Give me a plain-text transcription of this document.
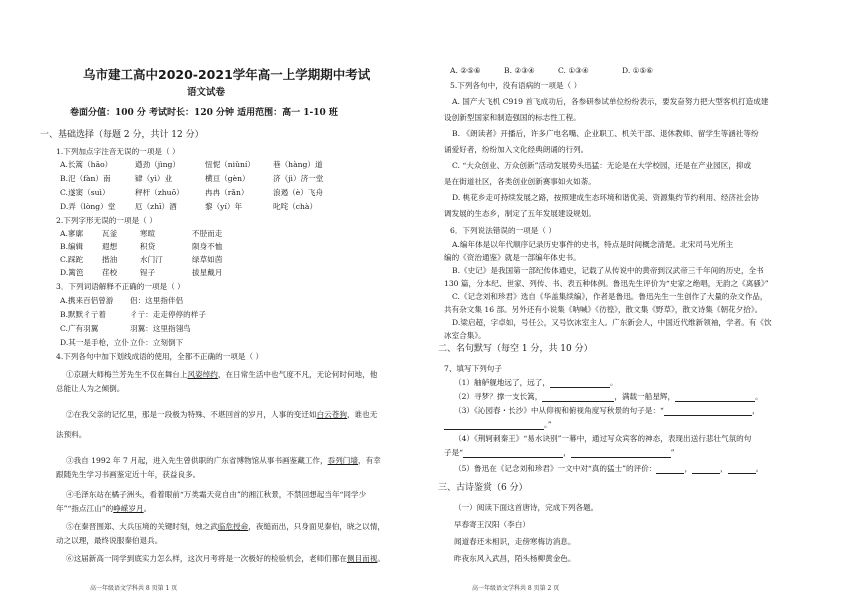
乌市建工高中2020-2021学年高一上学期期中考试
语文试卷
卷面分值：100 分 考试时长：120 分钟 适用范围：高一 1-10 班
一、基础选择（每题 2 分，共计 12 分）
1.下列加点字注音无误的一项是（ ）
A.长篙（hāo）	遒劲（jìng）	忸怩（niǔní） 巷（hàng）道
B.氾（fàn）南	肄（yì）业	横亘（gèn）	济（jì）济一堂
C.遂窦（suì）	秤杆（zhuō）	冉冉（rǎn）	浪遏（è）飞舟
D.弄（lòng）堂	厄（zhī）酒	黎（yí）年	叱咤（chà）
2.下列字形无误的一项是（ ）
A.寥廓 瓦釜	寒暄	不胫而走
B.编辑 遐想	积贷	陨身不恤
C.踩跎 揩油	水门汀	绿草如茵
D.篱笆 荏校	锃子	拔星戴月
3．下列词语解释不正确的一项是（ ）
A.携来百侣曾游 侣：这里指伴侣
B.默默彳亍着	彳亍：走走停停的样子
C.广有羽翼	羽翼：这里指翎鸟
D.其一是手枪，立仆立仆：立刻倒下
4.下列各句中加下划线成语的使用，全都不正确的一项是（ ）
①京剧大师梅兰芳先生不仅在舞台上风姿绰约，在日常生活中也气度不凡，无论何时何地，他
总能让人为之倾倒。
②在我父亲的记忆里，那是一段极为特殊、不堪回首的岁月，人事的变迁如白云苍狗，谁也无
法预料。
③我自 1992 年 7 月起，进入先生曾供职的广东省博物馆从事书画鉴藏工作，忝列门墙，有幸
跟随先生学习书画鉴定近十年，获益良多。
④毛泽东站在橘子洲头，看着眼前“万类霜天竞自由”的湘江秋景，不禁回想起当年“同学少
年”“指点江山”的峥嵘岁月。
⑤在秦晋围郑、大兵压境的关键时刻，烛之武临危授命，夜缒而出，只身面见秦伯，晓之以情，
动之以理，最终说服秦伯退兵。
⑥这届新高一同学到底实力怎么样，这次月考将是一次极好的检验机会，老师们都在侧目而视。
高一年级语文学科共 8 页第 1 页
A. ②⑤⑥	B. ②③④	C. ①③④	D. ①⑤⑥
5.下列各句中，没有语病的一项是（ ）
A. 国产大飞机 C919 首飞成功后，各参研参试单位纷纷表示，要发奋努力把大型客机打造成建
设创新型国家和制造强国的标志性工程。
B. 《朗读者》开播后，许多广电名嘴、企业职工、机关干部、退休教师、留学生等涵社等纷
诵爱好者，纷纷加入文化经典朗诵的行列。
C. “大众创业、万众创新”活动发展势头迅猛：无论是在大学校园，还是在产业园区，抑或
是在街道社区，各类创业创新赛事如火如荼。
D. 桃花乡走可持续发展之路，按照建成生态环境和谐优美、资源集约节约利用、经济社会协
调发展的生态乡，制定了五年发展建设规划。
6．下列说法错误的一项是（ ）
A.编年体是以年代顺序记录历史事件的史书，特点是时间概念清楚。北宋司马光所主
编的《资治通鉴》就是一部编年体史书。
B.《史记》是我国第一部纪传体通史，记载了从传说中的黄帝到汉武帝三千年间的历史，全书
130 篇，分本纪、世家、列传、书、表五种体例。鲁迅先生评价为“史家之绝唱，无韵之《离骚》”
C.《记念刘和珍君》选自《华盖集续编》，作者是鲁迅。鲁迅先生一生创作了大量的杂文作品，
共有杂文集 16 部。另外还有小说集《呐喊》《彷徨》，散文集《野草》，散文诗集《朝花夕拾》。
D.梁启超，字卓如，号任公，又号饮冰室主人。广东新会人，中国近代维新领袖，学者。有《饮
冰室合集》。
二、名句默写（每空 1 分，共 10 分）
7、填写下列句子
（1）舳舻舰地远了，远了，	。
（2）寻梦？撑一支长篙，	，满载一船星辉，	。
（3）《沁园春・长沙》中从仰视和俯视角度写秋景的句子是：“	，
。”
（4）《荆轲刺秦王》“易水诀别”一幕中，通过写众宾客的神态，表现出送行悲壮气氛的句
子是“	，	”
（5）鲁迅在《记念刘和珍君》一文中对“真的猛士”的评价：	，	，	。
三、古诗鉴赏（6 分）
（一）阅读下面这首唐诗，完成下列各题。
早春寄王汉阳（李白）
闻道春还未相识，走傍寒梅访消息。
昨夜东风入武昌，陌头杨柳黄金色。
高一年级语文学科共 8 页第 2 页
